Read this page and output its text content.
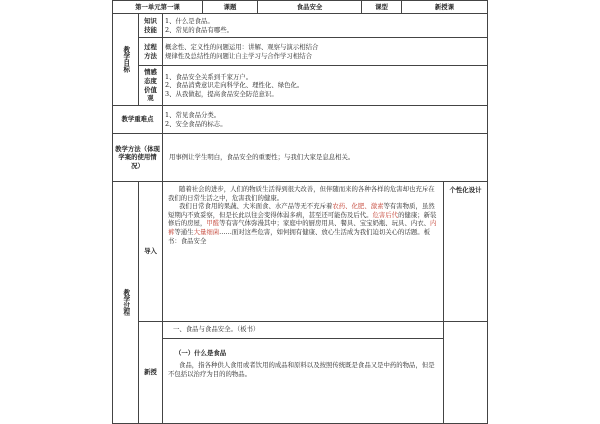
第一单元第一课			课题	食品安全	课型	新授课	

教学目标	知识技能	1、什么是食品。

2、常见的食品有哪些。					

	过程方法	概念性、定义性的问题运用：讲解、观察与演示相结合

规律性及总结性的问题让自主学习与合作学习相结合					

	情感态度价值观	1、食品安全关系到千家万户。

2、食品消费意识走向科学化、理性化、绿色化。

3、从我做起，提高食品安全防范意识。					

教学重难点		1、常见食品分类。

2、安全食品的标志。					

教学方法（体现学案的使用情况）		用事例让学生明白，食品安全的重要性；与我们大家是息息相关。					

教学过程	导入	随着社会的进步，人们的物质生活得到很大改善，但伴随而来的各种各样的危害却也充斥在我们的日常生活之中，危害我们的健康。

我们日常食用的果蔬、大米面食、水产品等无不充斥着农药、化肥、激素等有害物质，虽然短期内不致妥察，但是长此以往会变得体弱多病，甚至还可能伤及后代。危害后代的健康；新装修后的房屋，甲醛等有害气体弥漫其中；家庭中的厨房用具、餐具、宝宝奶瓶、玩具、内衣、内裤等通生大量细菌……面对这些危害，如何拥有健康、放心生活成为我们迫切关心的话题。板书：食品安全					个性化设计
	新授	一、食品与食品安全。（板书）
（一）什么是食品

食品，指各种供人食用或者饮用的成品和原料以及按照传统既是食品又是中药的物品，但是不包括以治疗为目的的物品。					
